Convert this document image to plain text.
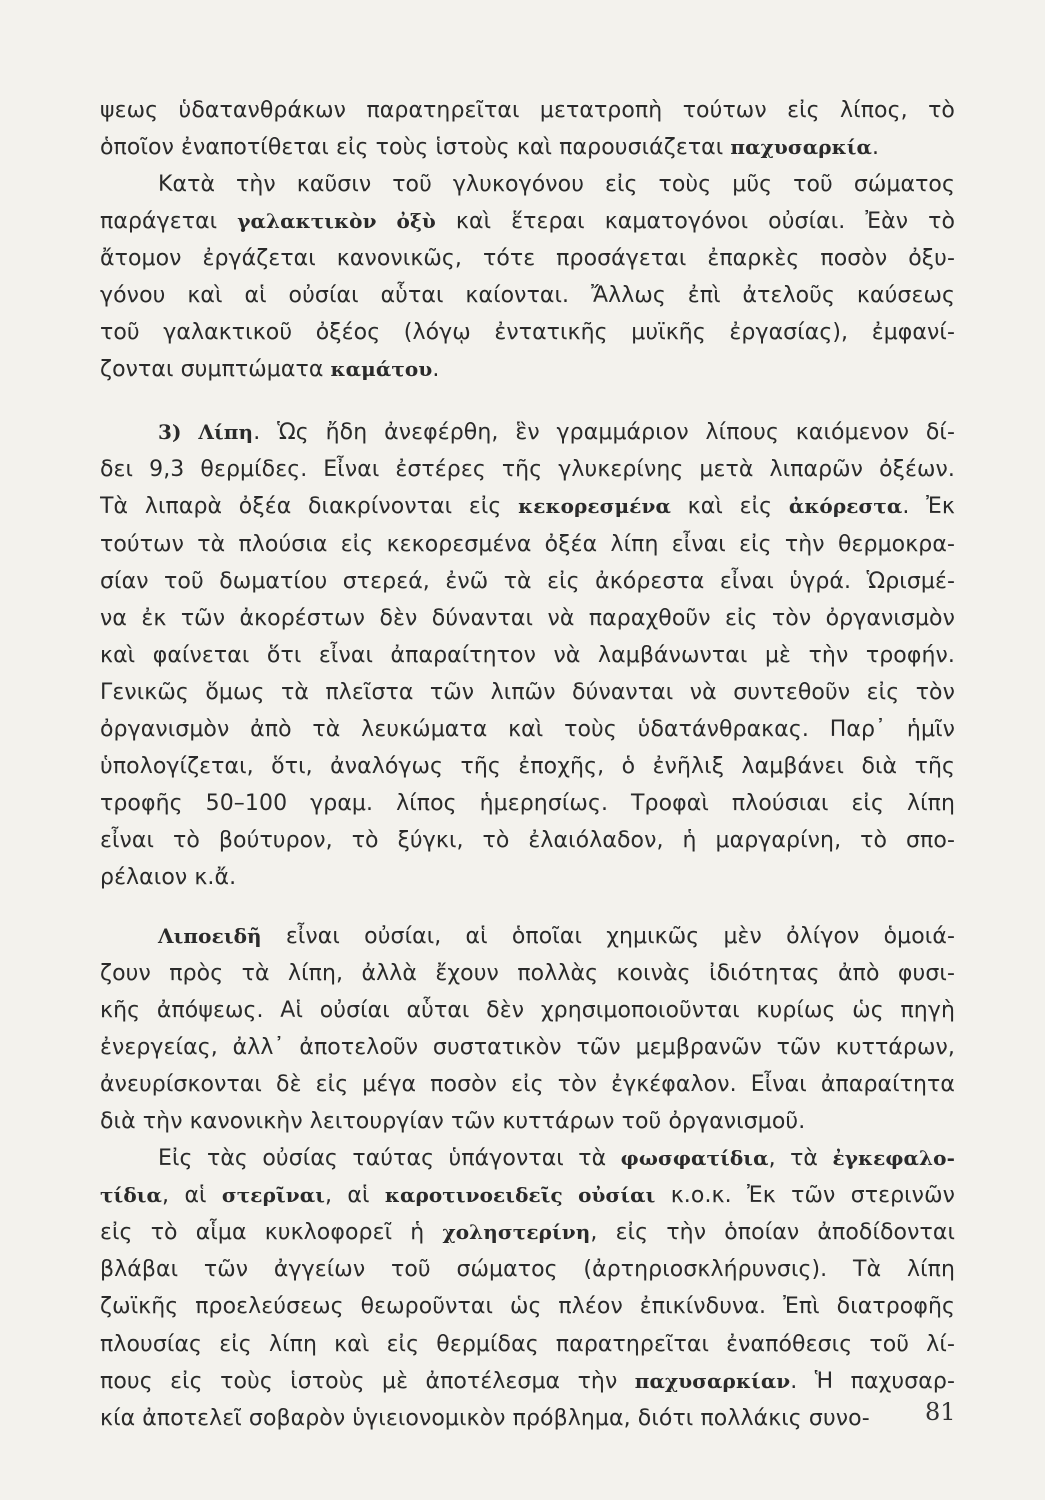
ψεως ὑδατανθράκων παρατηρεῖται μετατροπὴ τούτων εἰς λίπος, τὸ
ὁποῖον ἐναποτίθεται εἰς τοὺς ἱστοὺς καὶ παρουσιάζεται παχυσαρκία.
Κατὰ τὴν καῦσιν τοῦ γλυκογόνου εἰς τοὺς μῦς τοῦ σώματος
παράγεται γαλακτικὸν ὀξὺ καὶ ἕτεραι καματογόνοι οὐσίαι. Ἐὰν τὸ
ἄτομον ἐργάζεται κανονικῶς, τότε προσάγεται ἐπαρκὲς ποσὸν ὀξυ-
γόνου καὶ αἱ οὐσίαι αὗται καίονται. Ἄλλως ἐπὶ ἀτελοῦς καύσεως
τοῦ γαλακτικοῦ ὀξέος (λόγῳ ἐντατικῆς μυϊκῆς ἐργασίας), ἐμφανί-
ζονται συμπτώματα καμάτου.
3) Λίπη. Ὡς ἤδη ἀνεφέρθη, ἓν γραμμάριον λίπους καιόμενον δί-
δει 9,3 θερμίδες. Εἶναι ἐστέρες τῆς γλυκερίνης μετὰ λιπαρῶν ὀξέων.
Τὰ λιπαρὰ ὀξέα διακρίνονται εἰς κεκορεσμένα καὶ εἰς ἀκόρεστα. Ἐκ
τούτων τὰ πλούσια εἰς κεκορεσμένα ὀξέα λίπη εἶναι εἰς τὴν θερμοκρα-
σίαν τοῦ δωματίου στερεά, ἐνῶ τὰ εἰς ἀκόρεστα εἶναι ὑγρά. Ὡρισμέ-
να ἐκ τῶν ἀκορέστων δὲν δύνανται νὰ παραχθοῦν εἰς τὸν ὀργανισμὸν
καὶ φαίνεται ὅτι εἶναι ἀπαραίτητον νὰ λαμβάνωνται μὲ τὴν τροφήν.
Γενικῶς ὅμως τὰ πλεῖστα τῶν λιπῶν δύνανται νὰ συντεθοῦν εἰς τὸν
ὀργανισμὸν ἀπὸ τὰ λευκώματα καὶ τοὺς ὑδατάνθρακας. Παρ᾿ ἡμῖν
ὑπολογίζεται, ὅτι, ἀναλόγως τῆς ἐποχῆς, ὁ ἐνῆλιξ λαμβάνει διὰ τῆς
τροφῆς 50–100 γραμ. λίπος ἡμερησίως. Τροφαὶ πλούσιαι εἰς λίπη
εἶναι τὸ βούτυρον, τὸ ξύγκι, τὸ ἐλαιόλαδον, ἡ μαργαρίνη, τὸ σπο-
ρέλαιον κ.ἄ.
Λιποειδῆ εἶναι οὐσίαι, αἱ ὁποῖαι χημικῶς μὲν ὀλίγον ὁμοιά-
ζουν πρὸς τὰ λίπη, ἀλλὰ ἔχουν πολλὰς κοινὰς ἰδιότητας ἀπὸ φυσι-
κῆς ἀπόψεως. Αἱ οὐσίαι αὗται δὲν χρησιμοποιοῦνται κυρίως ὡς πηγὴ
ἐνεργείας, ἀλλ᾿ ἀποτελοῦν συστατικὸν τῶν μεμβρανῶν τῶν κυττάρων,
ἀνευρίσκονται δὲ εἰς μέγα ποσὸν εἰς τὸν ἐγκέφαλον. Εἶναι ἀπαραίτητα
διὰ τὴν κανονικὴν λειτουργίαν τῶν κυττάρων τοῦ ὀργανισμοῦ.
Εἰς τὰς οὐσίας ταύτας ὑπάγονται τὰ φωσφατίδια, τὰ ἐγκεφαλο-
τίδια, αἱ στερῖναι, αἱ καροτινοειδεῖς οὐσίαι κ.ο.κ. Ἐκ τῶν στερινῶν
εἰς τὸ αἷμα κυκλοφορεῖ ἡ χοληστερίνη, εἰς τὴν ὁποίαν ἀποδίδονται
βλάβαι τῶν ἀγγείων τοῦ σώματος (ἀρτηριοσκλήρυνσις). Τὰ λίπη
ζωϊκῆς προελεύσεως θεωροῦνται ὡς πλέον ἐπικίνδυνα. Ἐπὶ διατροφῆς
πλουσίας εἰς λίπη καὶ εἰς θερμίδας παρατηρεῖται ἐναπόθεσις τοῦ λί-
πους εἰς τοὺς ἱστοὺς μὲ ἀποτέλεσμα τὴν παχυσαρκίαν. Ἡ παχυσαρ-
κία ἀποτελεῖ σοβαρὸν ὑγιειονομικὸν πρόβλημα, διότι πολλάκις συνο-	81
